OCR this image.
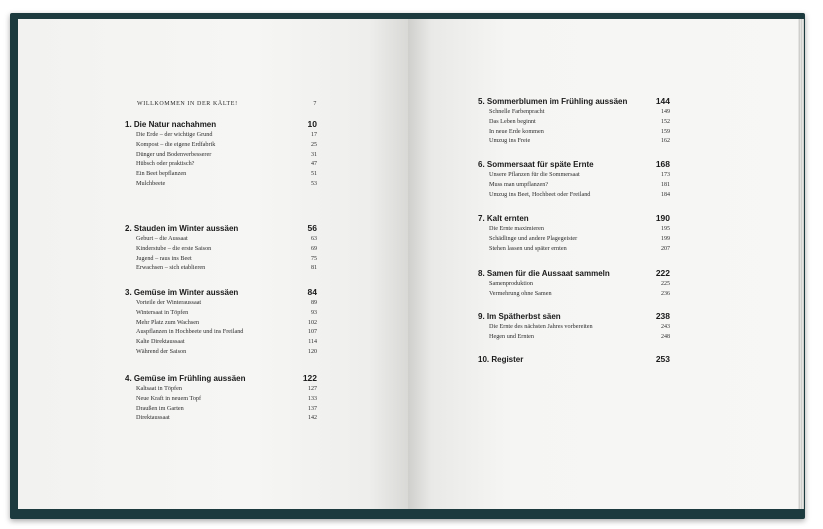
WILLKOMMEN IN DER KÄLTE!	7
1. Die Natur nachahmen	10
Die Erde – der wichtige Grund	17
Kompost – die eigene Erdfabrik	25
Dünger und Bodenverbesserer	31
Hübsch oder praktisch?	47
Ein Beet bepflanzen	51
Mulchbeete	53
2. Stauden im Winter aussäen	56
Geburt – die Aussaat	63
Kinderstube – die erste Saison	69
Jugend – raus ins Beet	75
Erwachsen – sich etablieren	81
3. Gemüse im Winter aussäen	84
Vorteile der Winteraussaat	89
Wintersaat in Töpfen	93
Mehr Platz zum Wachsen	102
Auspflanzen in Hochbeete und ins Freiland	107
Kalte Direktaussaat	114
Während der Saison	120
4. Gemüse im Frühling aussäen	122
Kaltsaat in Töpfen	127
Neue Kraft in neuem Topf	133
Draußen im Garten	137
Direktaussaat	142
5. Sommerblumen im Frühling aussäen	144
Schnelle Farbenpracht	149
Das Leben beginnt	152
In neue Erde kommen	159
Umzug ins Freie	162
6. Sommersaat für späte Ernte	168
Unsere Pflanzen für die Sommersaat	173
Muss man umpflanzen?	181
Umzug ins Beet, Hochbeet oder Freiland	184
7. Kalt ernten	190
Die Ernte maximieren	195
Schädlinge und andere Plagegeister	199
Stehen lassen und später ernten	207
8. Samen für die Aussaat sammeln	222
Samenproduktion	225
Vermehrung ohne Samen	236
9. Im Spätherbst säen	238
Die Ernte des nächsten Jahres vorbereiten	243
Hegen und Ernten	248
10. Register	253
